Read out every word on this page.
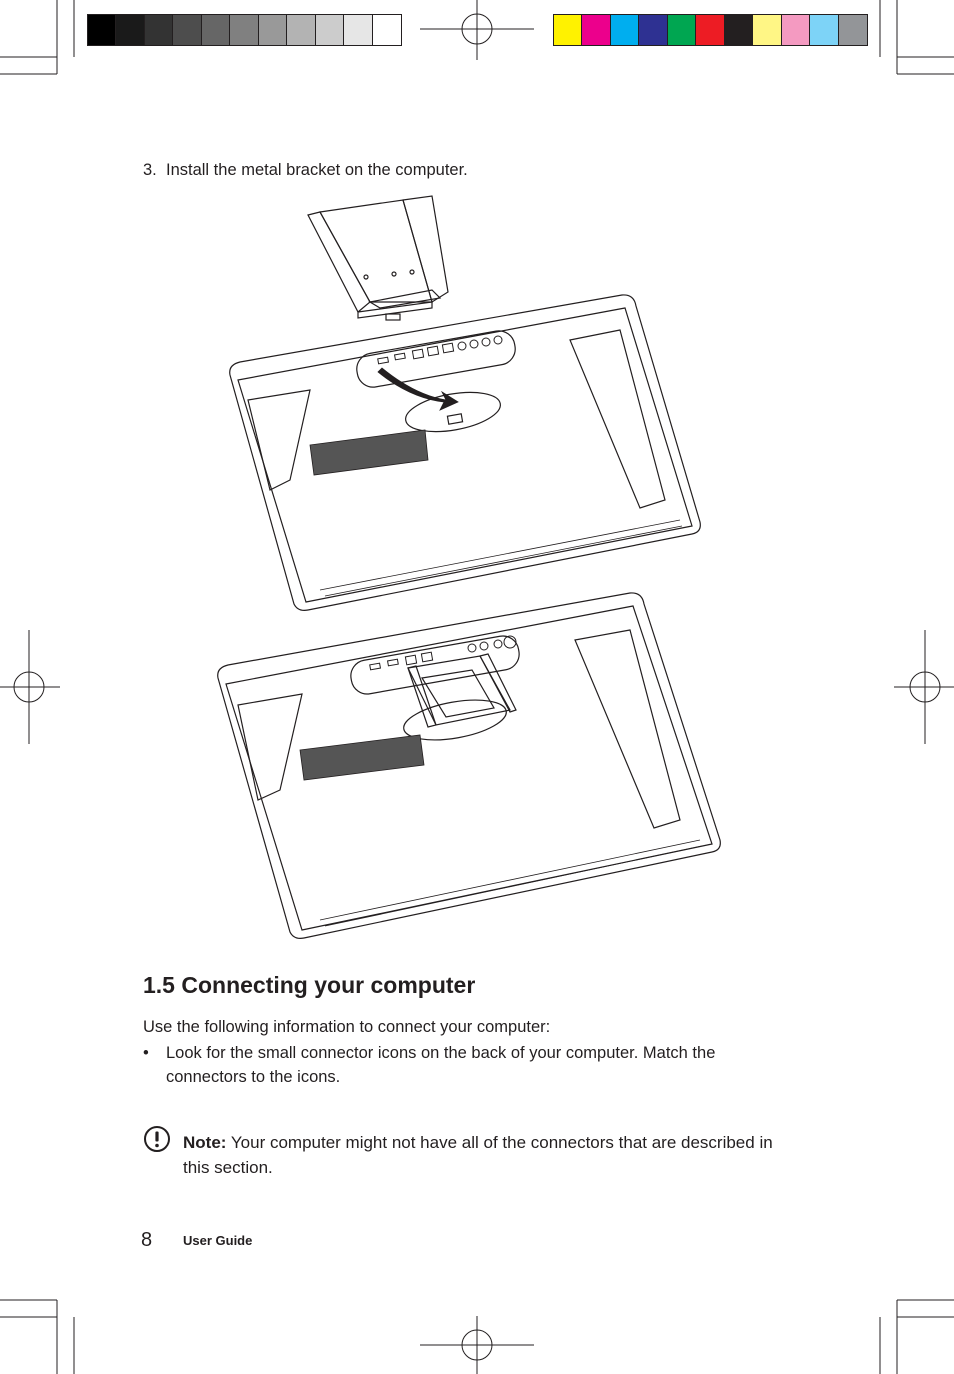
3. Install the metal bracket on the computer.
1.5 Connecting your computer
Use the following information to connect your computer:
•	Look for the small connector icons on the back of your computer. Match the connectors to the icons.
Note: Your computer might not have all of the connectors that are described in this section.
8 User Guide
